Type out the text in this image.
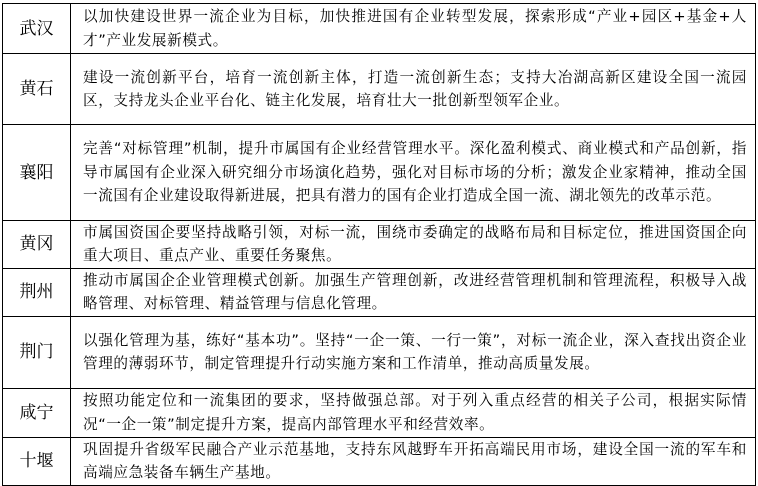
武汉	以加快建设世界一流企业为目标，加快推进国有企业转型发展，探索形成“产业+园区+基金+人才”产业发展新模式。
黄石	建设一流创新平台，培育一流创新主体，打造一流创新生态；支持大冶湖高新区建设全国一流园区，支持龙头企业平台化、链主化发展，培育壮大一批创新型领军企业。
襄阳	完善“对标管理”机制，提升市属国有企业经营管理水平。深化盈利模式、商业模式和产品创新，指导市属国有企业深入研究细分市场演化趋势，强化对目标市场的分析；激发企业家精神，推动全国一流国有企业建设取得新进展，把具有潜力的国有企业打造成全国一流、湖北领先的改革示范。
黄冈	市属国资国企要坚持战略引领，对标一流，围绕市委确定的战略布局和目标定位，推进国资国企向重大项目、重点产业、重要任务聚焦。
荆州	推动市属国企企业管理模式创新。加强生产管理创新，改进经营管理机制和管理流程，积极导入战略管理、对标管理、精益管理与信息化管理。
荆门	以强化管理为基，练好“基本功”。坚持“一企一策、一行一策”，对标一流企业，深入查找出资企业管理的薄弱环节，制定管理提升行动实施方案和工作清单，推动高质量发展。
咸宁	按照功能定位和一流集团的要求，坚持做强总部。对于列入重点经营的相关子公司，根据实际情况“一企一策”制定提升方案，提高内部管理水平和经营效率。
十堰	巩固提升省级军民融合产业示范基地，支持东风越野车开拓高端民用市场，建设全国一流的军车和高端应急装备车辆生产基地。
